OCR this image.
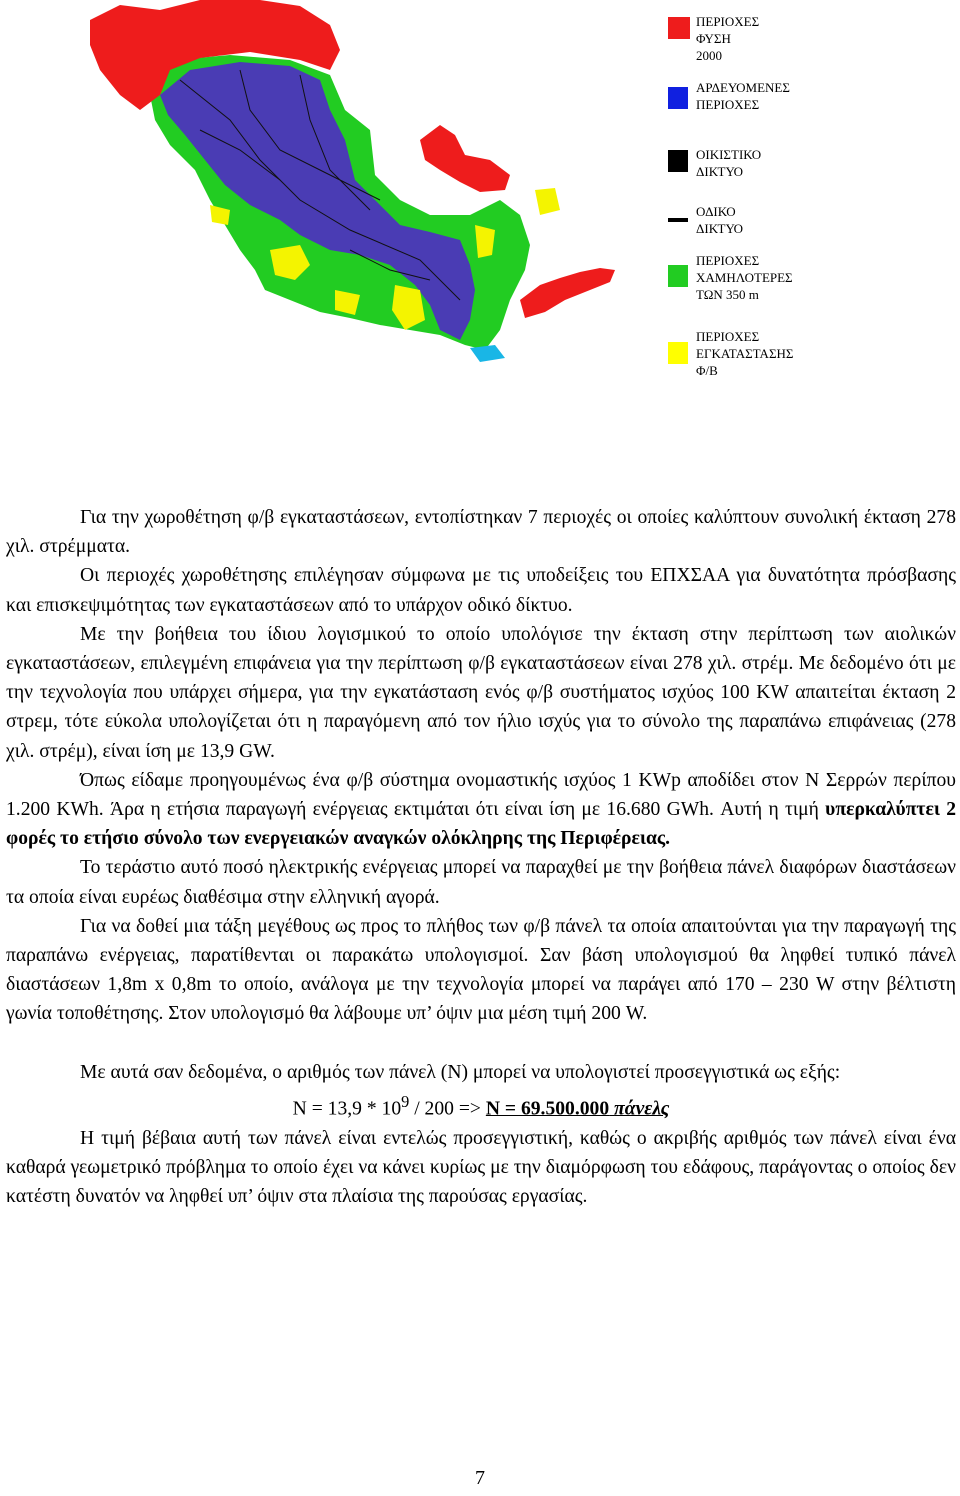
ΠΕΡΙΟΧΕΣ
ΦΥΣΗ 2000
ΑΡΔΕΥΟΜΕΝΕΣ
ΠΕΡΙΟΧΕΣ
ΟΙΚΙΣΤΙΚΟ
ΔΙΚΤΥΟ
ΟΔΙΚΟ
ΔΙΚΤΥΟ
ΠΕΡΙΟΧΕΣ
ΧΑΜΗΛΟΤΕΡΕΣ
ΤΩΝ 350 m
ΠΕΡΙΟΧΕΣ
ΕΓΚΑΤΑΣΤΑΣΗΣ
Φ/Β

Για την χωροθέτηση φ/β εγκαταστάσεων, εντοπίστηκαν 7 περιοχές οι οποίες καλύπτουν συνολική έκταση 278 χιλ. στρέμματα.

Οι περιοχές χωροθέτησης επιλέγησαν σύμφωνα με τις υποδείξεις του ΕΠΧΣΑΑ για δυνατότητα πρόσβασης και επισκεψιμότητας των εγκαταστάσεων από το υπάρχον οδικό δίκτυο.

Με την βοήθεια του ίδιου λογισμικού το οποίο υπολόγισε την έκταση στην περίπτωση των αιολικών εγκαταστάσεων, επιλεγμένη επιφάνεια για την περίπτωση φ/β εγκαταστάσεων είναι 278 χιλ. στρέμ. Με δεδομένο ότι με την τεχνολογία που υπάρχει σήμερα, για την εγκατάσταση ενός φ/β συστήματος ισχύος 100 KW απαιτείται έκταση 2 στρεμ, τότε εύκολα υπολογίζεται ότι η παραγόμενη από τον ήλιο ισχύς για το σύνολο της παραπάνω επιφάνειας (278 χιλ. στρέμ), είναι ίση με 13,9 GW.

Όπως είδαμε προηγουμένως ένα φ/β σύστημα ονομαστικής ισχύος 1 KWp αποδίδει στον Ν Σερρών περίπου 1.200 KWh. Άρα η ετήσια παραγωγή ενέργειας εκτιμάται ότι είναι ίση με 16.680 GWh. Αυτή η τιμή υπερκαλύπτει 2 φορές το ετήσιο σύνολο των ενεργειακών αναγκών ολόκληρης της Περιφέρειας.

Το τεράστιο αυτό ποσό ηλεκτρικής ενέργειας μπορεί να παραχθεί με την βοήθεια πάνελ διαφόρων διαστάσεων τα οποία είναι ευρέως διαθέσιμα στην ελληνική αγορά.

Για να δοθεί μια τάξη μεγέθους ως προς το πλήθος των φ/β πάνελ τα οποία απαιτούνται για την παραγωγή της παραπάνω ενέργειας, παρατίθενται οι παρακάτω υπολογισμοί. Σαν βάση υπολογισμού θα ληφθεί τυπικό πάνελ διαστάσεων 1,8m x 0,8m το οποίο, ανάλογα με την τεχνολογία μπορεί να παράγει από 170 – 230 W στην βέλτιστη γωνία τοποθέτησης. Στον υπολογισμό θα λάβουμε υπ’ όψιν μια μέση τιμή 200 W.

Με αυτά σαν δεδομένα, ο αριθμός των πάνελ (Ν) μπορεί να υπολογιστεί προσεγγιστικά ως εξής:

$N = 13,9 * 10^9 / 200 => N = 69.500.000$ πάνελς

Η τιμή βέβαια αυτή των πάνελ είναι εντελώς προσεγγιστική, καθώς ο ακριβής αριθμός των πάνελ είναι ένα καθαρά γεωμετρικό πρόβλημα το οποίο έχει να κάνει κυρίως με την διαμόρφωση του εδάφους, παράγοντας ο οποίος δεν κατέστη δυνατόν να ληφθεί υπ’ όψιν στα πλαίσια της παρούσας εργασίας.

7
